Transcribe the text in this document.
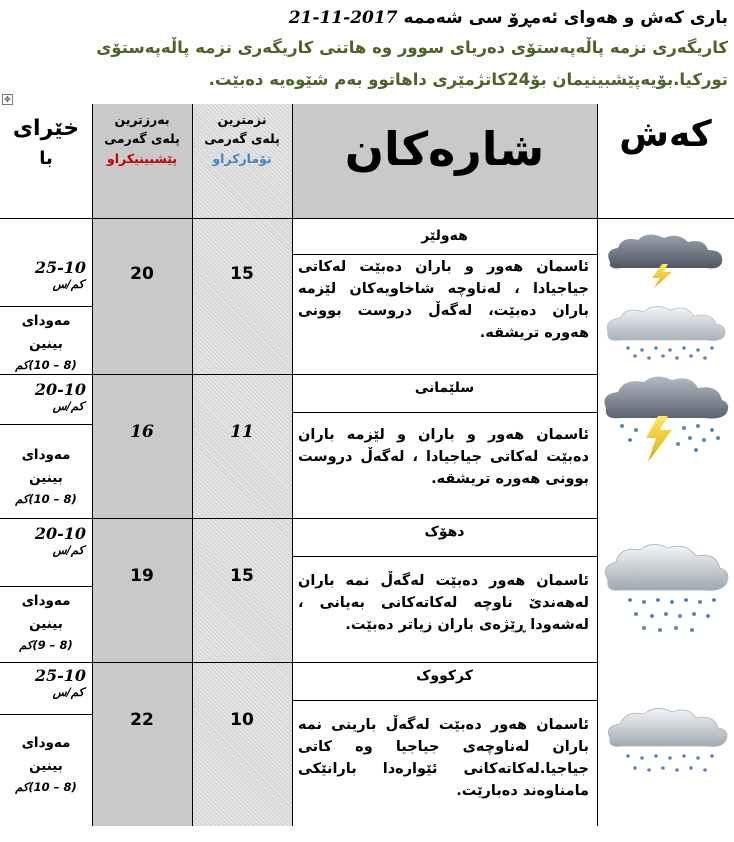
باری کەش و هەوای ئەمڕۆ سی شەممە2017-11-21
کاریگەری نزمە پاڵەپەستۆی دەریای سوور وە هاتنی کاریگەری نزمە پاڵەپەستۆی
تورکیا.بۆیەپێشبینیمان بۆ24کاتژمێری داهاتوو بەم شێوەیە دەبێت.
✥
کەش
شارەکان
نزمترین
پلەی گەرمی
تۆمارکراو
بەرزترین
پلەی گەرمی
پێشبینیکراو
خێرای
با
هەولێر
ئاسمان هەور و باران دەبێت لەکاتی جیاجیادا ، لەناوچە شاخاویەکان لێزمە باران دەبێت، لەگەڵ دروست بوونی هەورە تریشقە.
15
20
25-10
کم/س
مەودای بینین
(8 – 10)کم
سلێمانی
ئاسمان هەور و باران و لێزمە باران دەبێت لەکاتی جیاجیادا ، لەگەڵ دروست بوونی هەورە تریشقە.
11
16
20-10
کم/س
مەودای بینین
(8 – 10)کم
دهۆک
ئاسمان هەور دەبێت لەگەڵ نمە باران لەهەندێ ناوچە لەکاتەکانی بەیانی ، لەشەودا ڕێژەی باران زیاتر دەبێت.
15
19
20-10
کم/س
مەودای بینین
(8 – 9)کم
کرکووک
ئاسمان هەور دەبێت لەگەڵ بارینی نمە باران لەناوچەی جیاجیا وە کاتی جیاجیا.لەکاتەکانی ئێوارەدا بارانێکی مامناوەند دەبارێت.
10
22
25-10
کم/س
مەودای بینین
(8 – 10)کم
